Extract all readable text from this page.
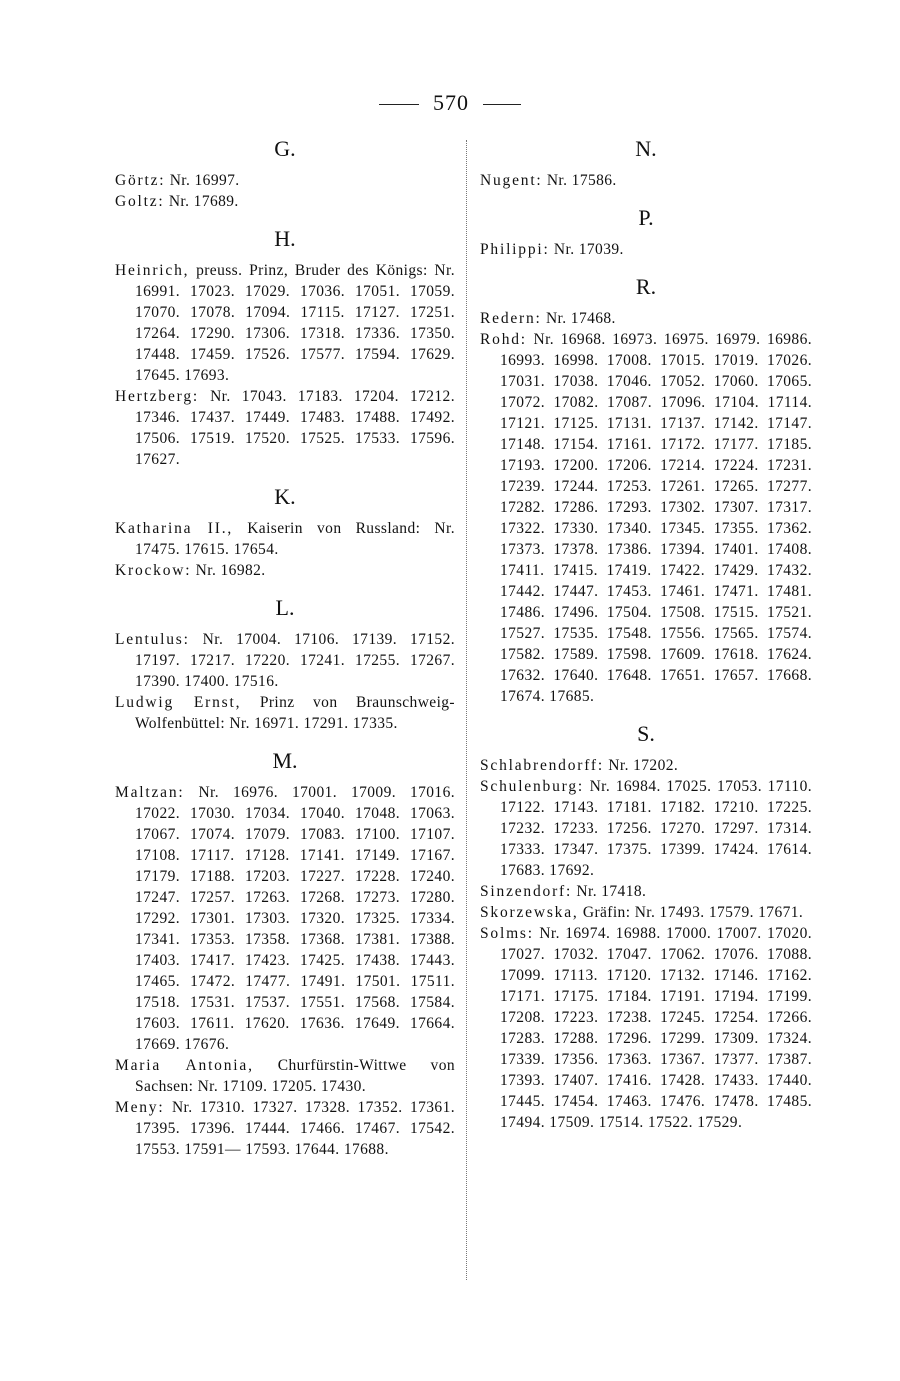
570
G.
Görtz: Nr. 16997.
Goltz: Nr. 17689.
H.
Heinrich, preuss. Prinz, Bruder des Königs: Nr. 16991. 17023. 17029. 17036. 17051. 17059. 17070. 17078. 17094. 17115. 17127. 17251. 17264. 17290. 17306. 17318. 17336. 17350. 17448. 17459. 17526. 17577. 17594. 17629. 17645. 17693.
Hertzberg: Nr. 17043. 17183. 17204. 17212. 17346. 17437. 17449. 17483. 17488. 17492. 17506. 17519. 17520. 17525. 17533. 17596. 17627.
K.
Katharina II., Kaiserin von Russland: Nr. 17475. 17615. 17654.
Krockow: Nr. 16982.
L.
Lentulus: Nr. 17004. 17106. 17139. 17152. 17197. 17217. 17220. 17241. 17255. 17267. 17390. 17400. 17516.
Ludwig Ernst, Prinz von Braunschweig-Wolfenbüttel: Nr. 16971. 17291. 17335.
M.
Maltzan: Nr. 16976. 17001. 17009. 17016. 17022. 17030. 17034. 17040. 17048. 17063. 17067. 17074. 17079. 17083. 17100. 17107. 17108. 17117. 17128. 17141. 17149. 17167. 17179. 17188. 17203. 17227. 17228. 17240. 17247. 17257. 17263. 17268. 17273. 17280. 17292. 17301. 17303. 17320. 17325. 17334. 17341. 17353. 17358. 17368. 17381. 17388. 17403. 17417. 17423. 17425. 17438. 17443. 17465. 17472. 17477. 17491. 17501. 17511. 17518. 17531. 17537. 17551. 17568. 17584. 17603. 17611. 17620. 17636. 17649. 17664. 17669. 17676.
Maria Antonia, Churfürstin-Wittwe von Sachsen: Nr. 17109. 17205. 17430.
Meny: Nr. 17310. 17327. 17328. 17352. 17361. 17395. 17396. 17444. 17466. 17467. 17542. 17553. 17591— 17593. 17644. 17688.
N.
Nugent: Nr. 17586.
P.
Philippi: Nr. 17039.
R.
Redern: Nr. 17468.
Rohd: Nr. 16968. 16973. 16975. 16979. 16986. 16993. 16998. 17008. 17015. 17019. 17026. 17031. 17038. 17046. 17052. 17060. 17065. 17072. 17082. 17087. 17096. 17104. 17114. 17121. 17125. 17131. 17137. 17142. 17147. 17148. 17154. 17161. 17172. 17177. 17185. 17193. 17200. 17206. 17214. 17224. 17231. 17239. 17244. 17253. 17261. 17265. 17277. 17282. 17286. 17293. 17302. 17307. 17317. 17322. 17330. 17340. 17345. 17355. 17362. 17373. 17378. 17386. 17394. 17401. 17408. 17411. 17415. 17419. 17422. 17429. 17432. 17442. 17447. 17453. 17461. 17471. 17481. 17486. 17496. 17504. 17508. 17515. 17521. 17527. 17535. 17548. 17556. 17565. 17574. 17582. 17589. 17598. 17609. 17618. 17624. 17632. 17640. 17648. 17651. 17657. 17668. 17674. 17685.
S.
Schlabrendorff: Nr. 17202.
Schulenburg: Nr. 16984. 17025. 17053. 17110. 17122. 17143. 17181. 17182. 17210. 17225. 17232. 17233. 17256. 17270. 17297. 17314. 17333. 17347. 17375. 17399. 17424. 17614. 17683. 17692.
Sinzendorf: Nr. 17418.
Skorzewska, Gräfin: Nr. 17493. 17579. 17671.
Solms: Nr. 16974. 16988. 17000. 17007. 17020. 17027. 17032. 17047. 17062. 17076. 17088. 17099. 17113. 17120. 17132. 17146. 17162. 17171. 17175. 17184. 17191. 17194. 17199. 17208. 17223. 17238. 17245. 17254. 17266. 17283. 17288. 17296. 17299. 17309. 17324. 17339. 17356. 17363. 17367. 17377. 17387. 17393. 17407. 17416. 17428. 17433. 17440. 17445. 17454. 17463. 17476. 17478. 17485. 17494. 17509. 17514. 17522. 17529.
